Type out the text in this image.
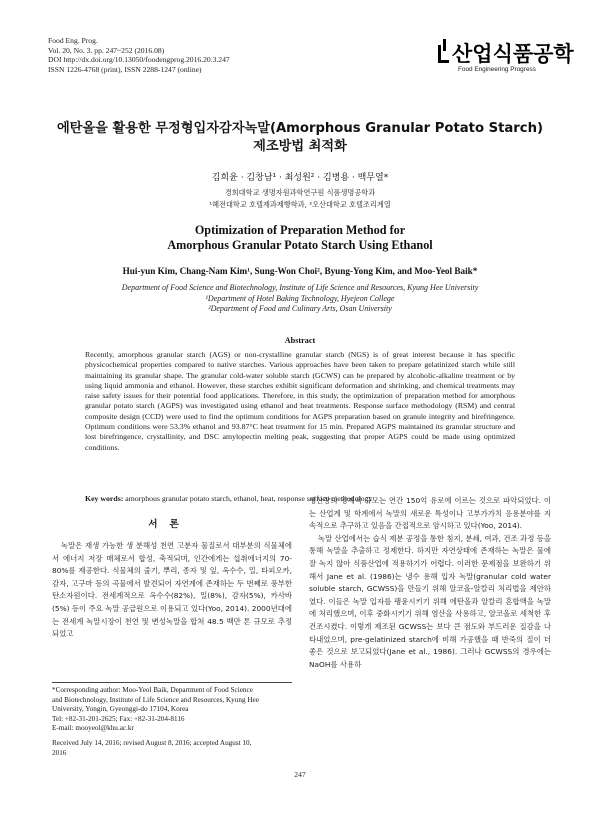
Food Eng. Prog.
Vol. 20, No. 3. pp. 247~252 (2016.08)
DOI http://dx.doi.org/10.13050/foodengprog.2016.20.3.247
ISSN 1226-4768 (print), ISSN 2288-1247 (online)
산업식품공학
Food Engineering Progress
에탄올을 활용한 무정형입자감자녹말(Amorphous Granular Potato Starch)
제조방법 최적화
김희윤 · 김창남¹ · 최성원² · 김병용 · 백무열*
경희대학교 생명자원과학연구원 식품생명공학과
¹혜전대학교 호텔제과제빵학과, ²오산대학교 호텔조리계열
Optimization of Preparation Method for
Amorphous Granular Potato Starch Using Ethanol
Hui-yun Kim, Chang-Nam Kim¹, Sung-Won Choi², Byung-Yong Kim, and Moo-Yeol Baik*
Department of Food Science and Biotechnology, Institute of Life Science and Resources, Kyung Hee University
¹Department of Hotel Baking Technology, Hyejeon College
²Department of Food and Culinary Arts, Osan University
Abstract

Recently, amorphous granular starch (AGS) or non-crystalline granular starch (NGS) is of great interest because it has specific physicochemical properties compared to native starches. Various approaches have been taken to prepare gelatinized starch while still maintaining its granular shape. The granular cold-water soluble starch (GCWS) can be prepared by alcoholic-alkaline treatment or by using liquid ammonia and ethanol. However, these starches exhibit significant deformation and shrinking, and chemical treatments may raise safety issues for their potential food applications. Therefore, in this study, the optimization of preparation method for amorphous granular potato starch (AGPS) was investigated using ethanol and heat treatments. Response surface methodology (RSM) and central composite design (CCD) were used to find the optimum conditions for AGPS preparation based on granule integrity and birefringence. Optimum conditions were 53.3% ethanol and 93.87°C heat treatment for 15 min. Prepared AGPS maintained its granular structure and lost birefringence, crystallinity, and DSC amylopectin melting peak, suggesting that proper AGPS could be made using optimized conditions.

Key words: amorphous granular potato starch, ethanol, heat, response surface methodology
서론

녹말은 재생 가능한 생 분해성 천연 고분자 물질로서 대부분의 식물체에서 에너지 저장 매체로서 합성, 축적되며, 인간에게는 섭취에너지의 70-80%를 제공한다. 식물체의 줄기, 뿌리, 종자 및 잎, 옥수수, 밀, 타피오카, 감자, 고구마 등의 곡물에서 발견되어 자연계에 존재하는 두 번째로 풍부한 탄소자원이다. 전세계적으로 옥수수(82%), 밀(8%), 감자(5%), 카사바(5%) 등이 주요 녹말 공급원으로 이용되고 있다(Yoo, 2014). 2000년대에는 전세계 녹말시장이 천연 및 변성녹말을 합쳐 48.5 백만 톤 규모로 추정되었고

생산량의 경제적 규모는 연간 150억 유로에 이르는 것으로 파악되었다. 이는 산업계 및 학계에서 녹말의 새로운 특성이나 고부가가치 응용분야를 지속적으로 추구하고 있음을 간접적으로 암시하고 있다(Yoo, 2014).

녹말 산업에서는 습식 제분 공정을 통한 침지, 분쇄, 여과, 건조 과정 등을 통해 녹말을 추출하고 정제한다. 하지만 자연상태에 존재하는 녹말은 물에 잘 녹지 않아 식품산업에 적용하기가 어렵다. 이러한 문제점을 보완하기 위해서 Jane et al. (1986)는 냉수 용해 입자 녹말(granular cold water soluble starch, GCWSS)을 만들기 위해 알코올-알칼리 처리법을 제안하였다. 이들은 녹말 입자를 팽윤시키기 위해 에탄올과 알칼리 혼합액을 녹말에 처리했으며, 이후 중화시키기 위해 염산을 사용하고, 알코올로 세척한 후 건조시켰다. 이렇게 제조된 GCWSS는 보다 큰 점도와 부드러운 질감을 나타내었으며, pre-gelatinized starch에 비해 가공했을 때 반죽의 질이 더 좋은 것으로 보고되었다(Jane et al., 1986). 그러나 GCWSS의 경우에는 NaOH를 사용하

*Corresponding author: Moo-Yeol Baik, Department of Food Science
and Biotechnology, Institute of Life Science and Resources, Kyung Hee
University, Yongin, Gyeonggi-do 17104, Korea
Tel: +82-31-201-2625; Fax: +82-31-204-8116
E-mail: mooyeol@khu.ac.kr
Received July 14, 2016; revised August 8, 2016; accepted August 10,
2016
247
